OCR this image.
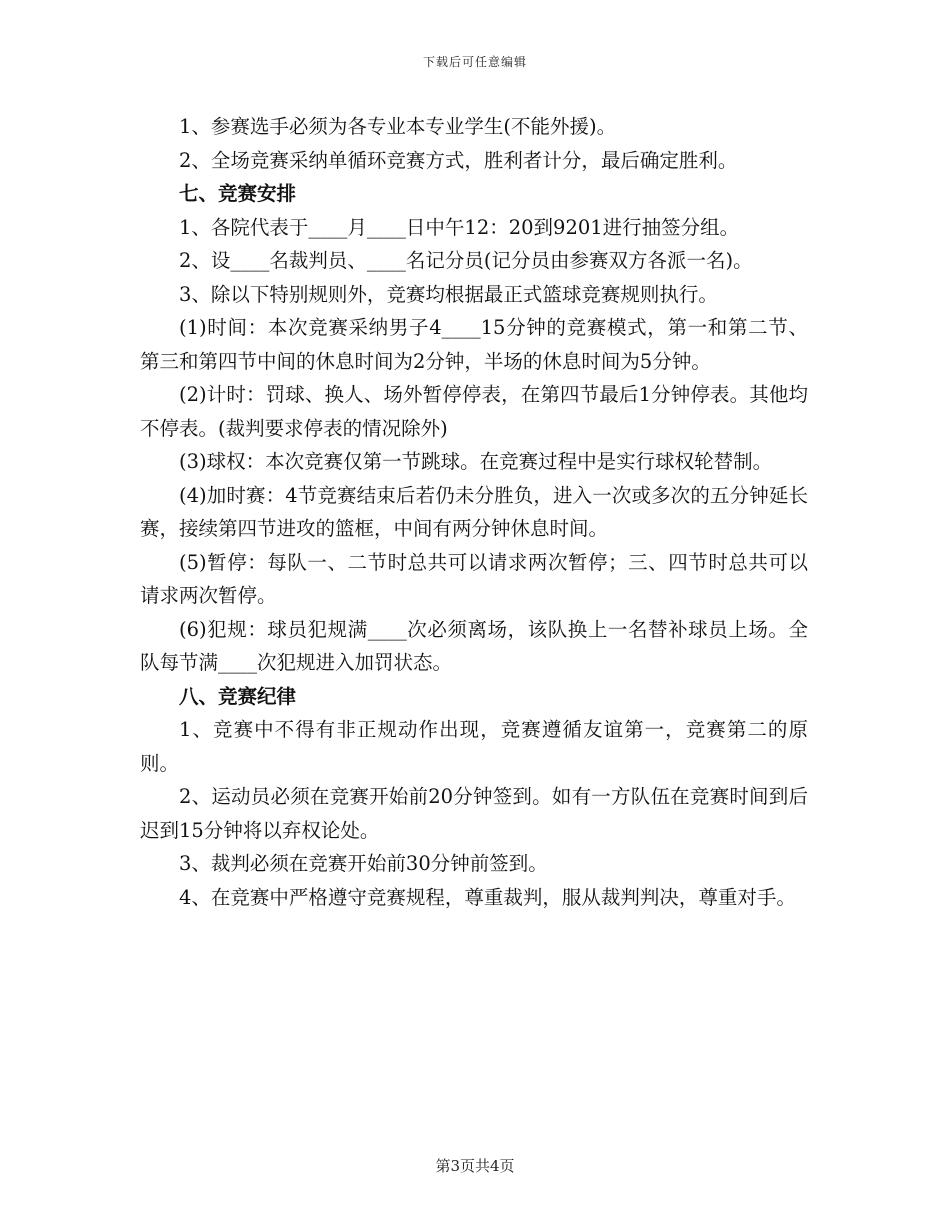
下载后可任意编辑

1、参赛选手必须为各专业本专业学生(不能外援)。

2、全场竞赛采纳单循环竞赛方式，胜利者计分，最后确定胜利。

七、竞赛安排

1、各院代表于____月____日中午12：20到9201进行抽签分组。

2、设____名裁判员、____名记分员(记分员由参赛双方各派一名)。

3、除以下特别规则外，竞赛均根据最正式篮球竞赛规则执行。

(1)时间：本次竞赛采纳男子4____15分钟的竞赛模式，第一和第二节、第三和第四节中间的休息时间为2分钟，半场的休息时间为5分钟。

(2)计时：罚球、换人、场外暂停停表，在第四节最后1分钟停表。其他均不停表。(裁判要求停表的情况除外)

(3)球权：本次竞赛仅第一节跳球。在竞赛过程中是实行球权轮替制。

(4)加时赛：4节竞赛结束后若仍未分胜负，进入一次或多次的五分钟延长赛，接续第四节进攻的篮框，中间有两分钟休息时间。

(5)暂停：每队一、二节时总共可以请求两次暂停；三、四节时总共可以请求两次暂停。

(6)犯规：球员犯规满____次必须离场，该队换上一名替补球员上场。全队每节满____次犯规进入加罚状态。

八、竞赛纪律

1、竞赛中不得有非正规动作出现，竞赛遵循友谊第一，竞赛第二的原则。

2、运动员必须在竞赛开始前20分钟签到。如有一方队伍在竞赛时间到后迟到15分钟将以弃权论处。

3、裁判必须在竞赛开始前30分钟前签到。

4、在竞赛中严格遵守竞赛规程，尊重裁判，服从裁判判决，尊重对手。

第3页共4页
